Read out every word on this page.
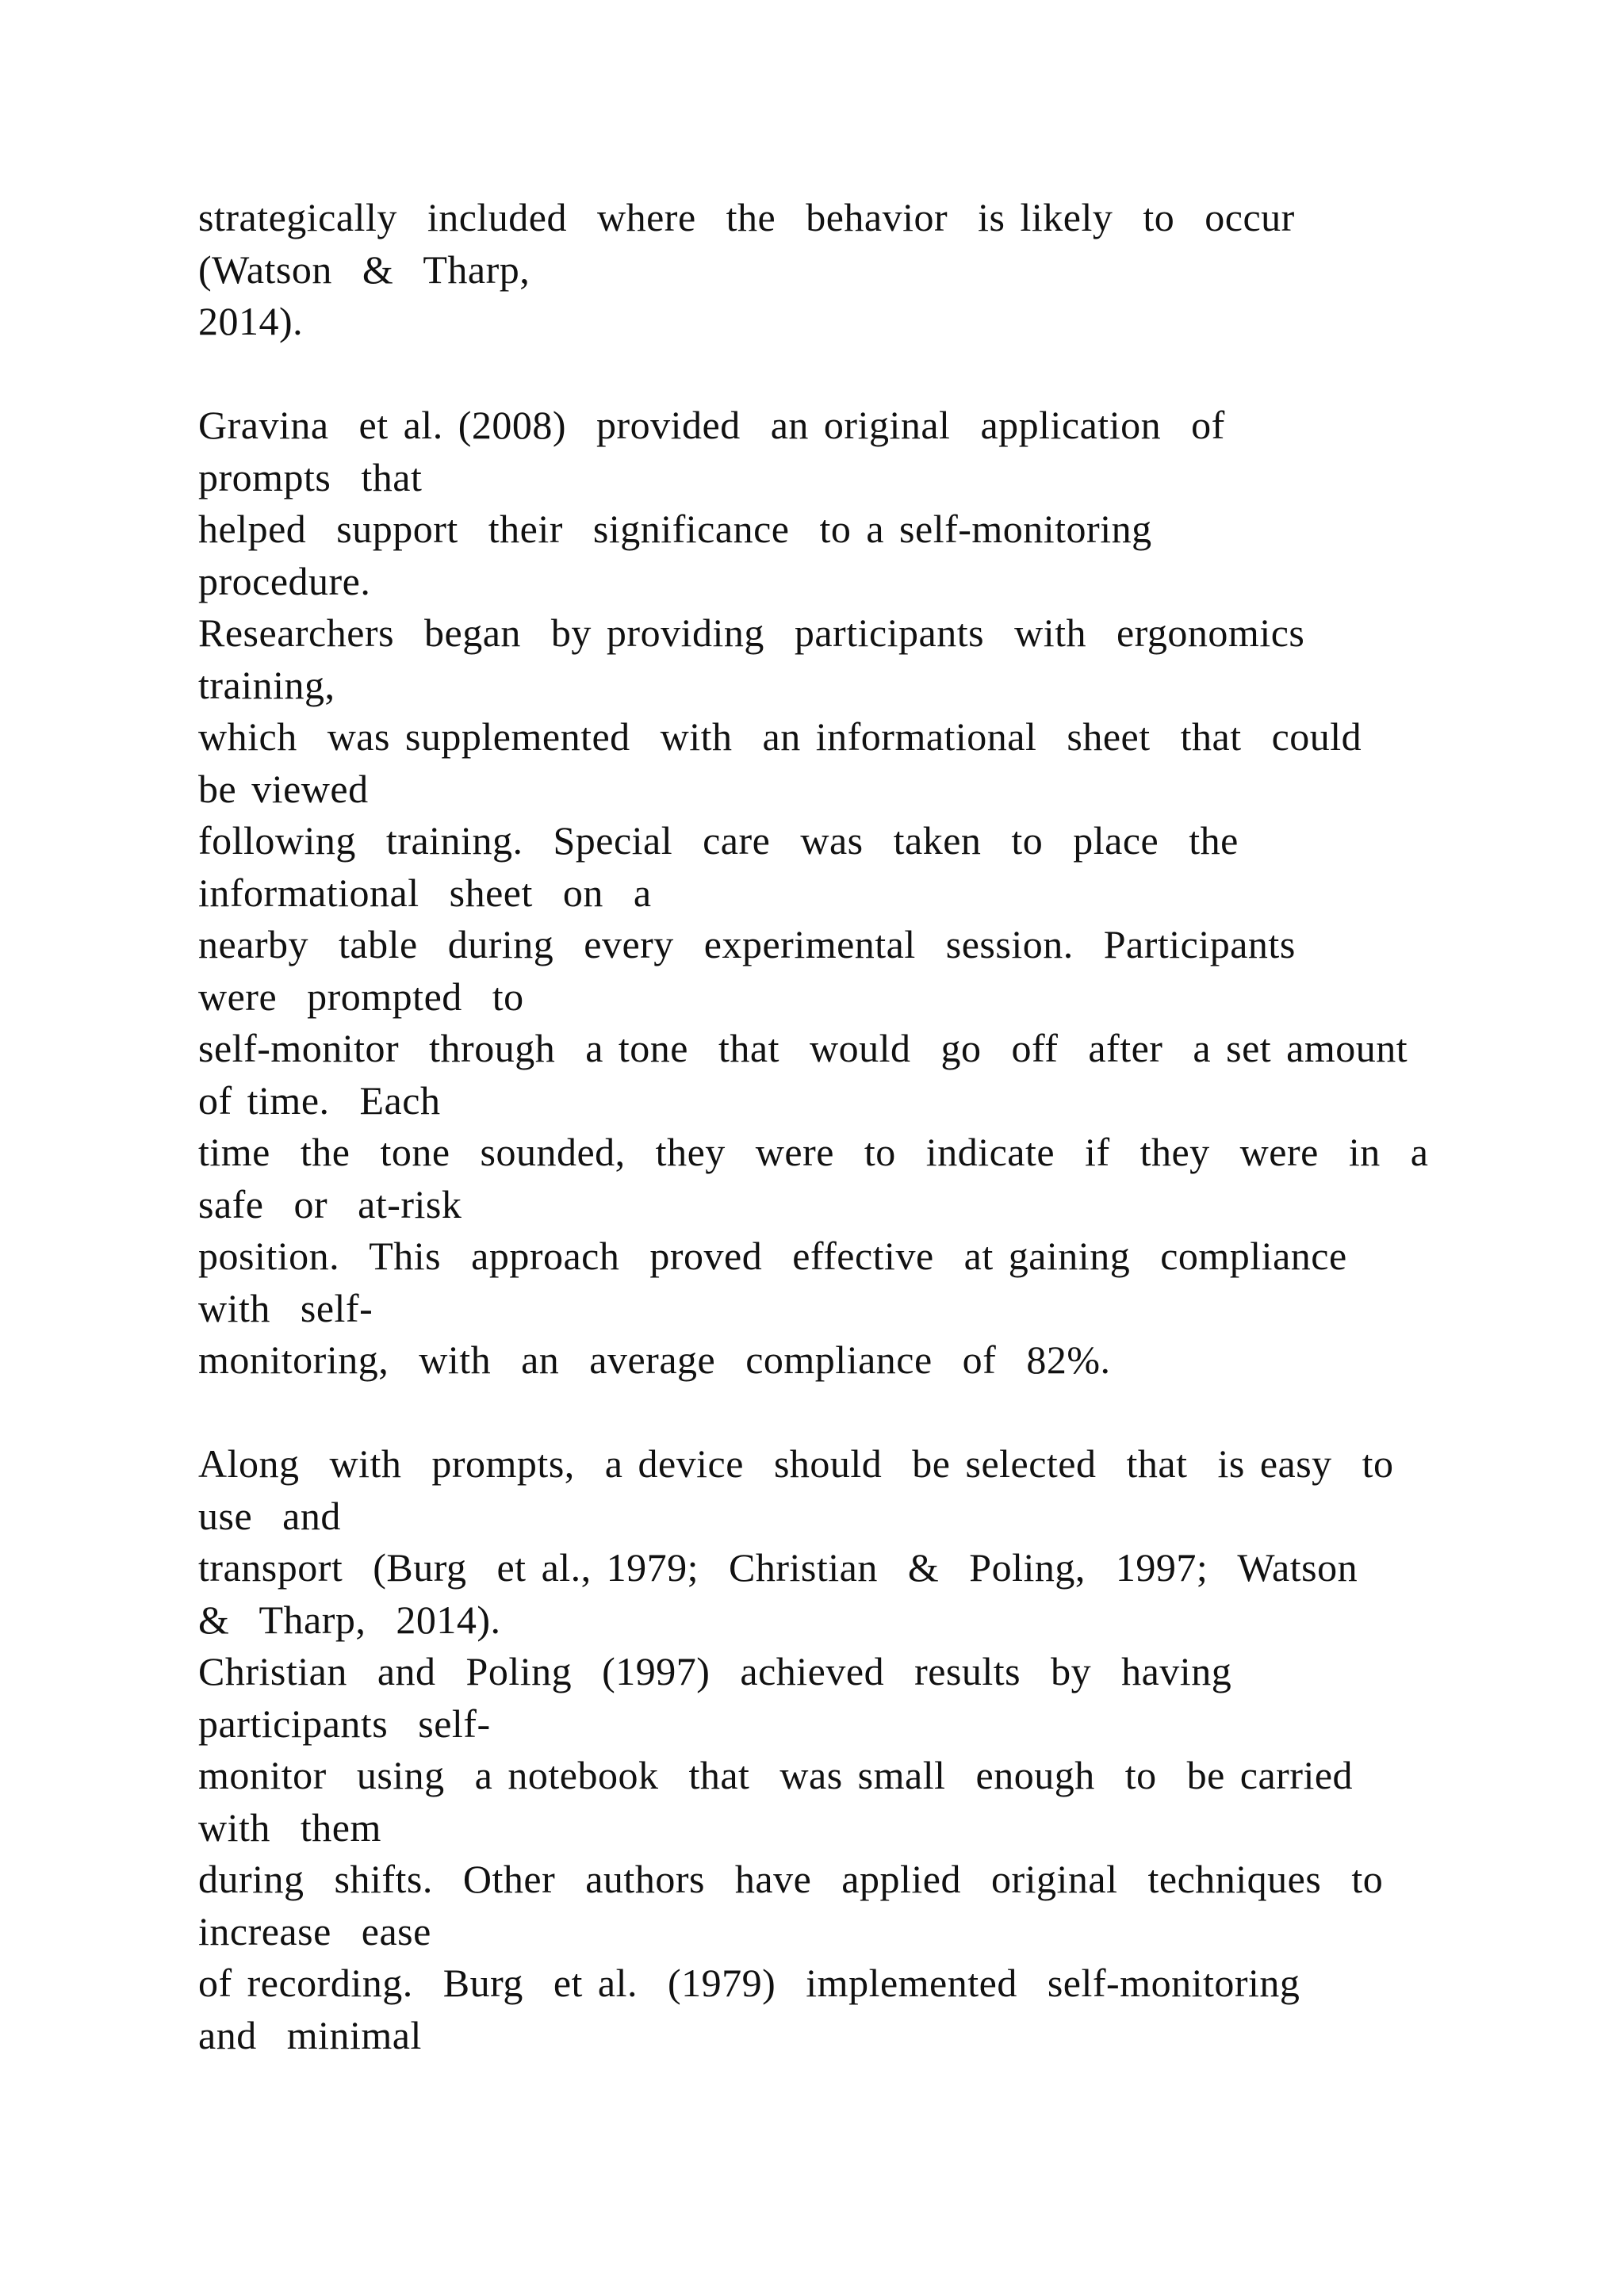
strategically  included  where  the  behavior  is likely  to  occur
(Watson  &  Tharp,
2014).
Gravina  et al. (2008)  provided  an original  application  of
prompts  that
helped  support  their  significance  to a self-monitoring
procedure.
Researchers  began  by providing  participants  with  ergonomics
training,
which  was supplemented  with  an informational  sheet  that  could
be viewed
following  training.  Special  care  was  taken  to  place  the
informational  sheet  on  a
nearby  table  during  every  experimental  session.  Participants
were  prompted  to
self-monitor  through  a tone  that  would  go  off  after  a set amount
of time.  Each
time  the  tone  sounded,  they  were  to  indicate  if  they  were  in  a
safe  or  at-risk
position.  This  approach  proved  effective  at gaining  compliance
with  self-
monitoring,  with  an  average  compliance  of  82%.
Along  with  prompts,  a device  should  be selected  that  is easy  to
use  and
transport  (Burg  et al., 1979;  Christian  &  Poling,  1997;  Watson
&  Tharp,  2014).
Christian  and  Poling  (1997)  achieved  results  by  having
participants  self-
monitor  using  a notebook  that  was small  enough  to  be carried
with  them
during  shifts.  Other  authors  have  applied  original  techniques  to
increase  ease
of recording.  Burg  et al.  (1979)  implemented  self-monitoring
and  minimal
